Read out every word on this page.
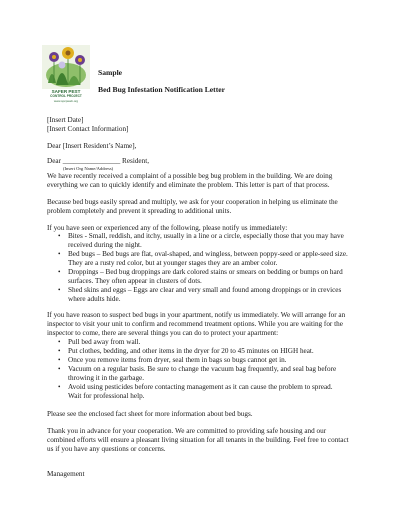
SAFER PEST
CONTROL PROJECT
www.spcpweb.org
Sample
Bed Bug Infestation Notification Letter
[Insert Date]
[Insert Contact Information]
Dear [Insert Resident’s Name],
Dear ________________ Resident,
(Insert Org Name/Address)
We have recently received a complaint of a possible beg bug problem in the building. We are doing
everything we can to quickly identify and eliminate the problem. This letter is part of that process.
Because bed bugs easily spread and multiply, we ask for your cooperation in helping us eliminate the
problem completely and prevent it spreading to additional units.
If you have seen or experienced any of the following, please notify us immediately:
• Bites - Small, reddish, and itchy, usually in a line or a circle, especially those that you may have
received during the night.
• Bed bugs – Bed bugs are flat, oval-shaped, and wingless, between poppy-seed or apple-seed size.
They are a rusty red color, but at younger stages they are an amber color.
• Droppings – Bed bug droppings are dark colored stains or smears on bedding or bumps on hard
surfaces. They often appear in clusters of dots.
• Shed skins and eggs – Eggs are clear and very small and found among droppings or in crevices
where adults hide.
If you have reason to suspect bed bugs in your apartment, notify us immediately. We will arrange for an
inspector to visit your unit to confirm and recommend treatment options. While you are waiting for the
inspector to come, there are several things you can do to protect your apartment:
• Pull bed away from wall.
• Put clothes, bedding, and other items in the dryer for 20 to 45 minutes on HIGH heat.
• Once you remove items from dryer, seal them in bags so bugs cannot get in.
• Vacuum on a regular basis. Be sure to change the vacuum bag frequently, and seal bag before
throwing it in the garbage.
• Avoid using pesticides before contacting management as it can cause the problem to spread.
Wait for professional help.
Please see the enclosed fact sheet for more information about bed bugs.
Thank you in advance for your cooperation. We are committed to providing safe housing and our
combined efforts will ensure a pleasant living situation for all tenants in the building. Feel free to contact
us if you have any questions or concerns.
Management
